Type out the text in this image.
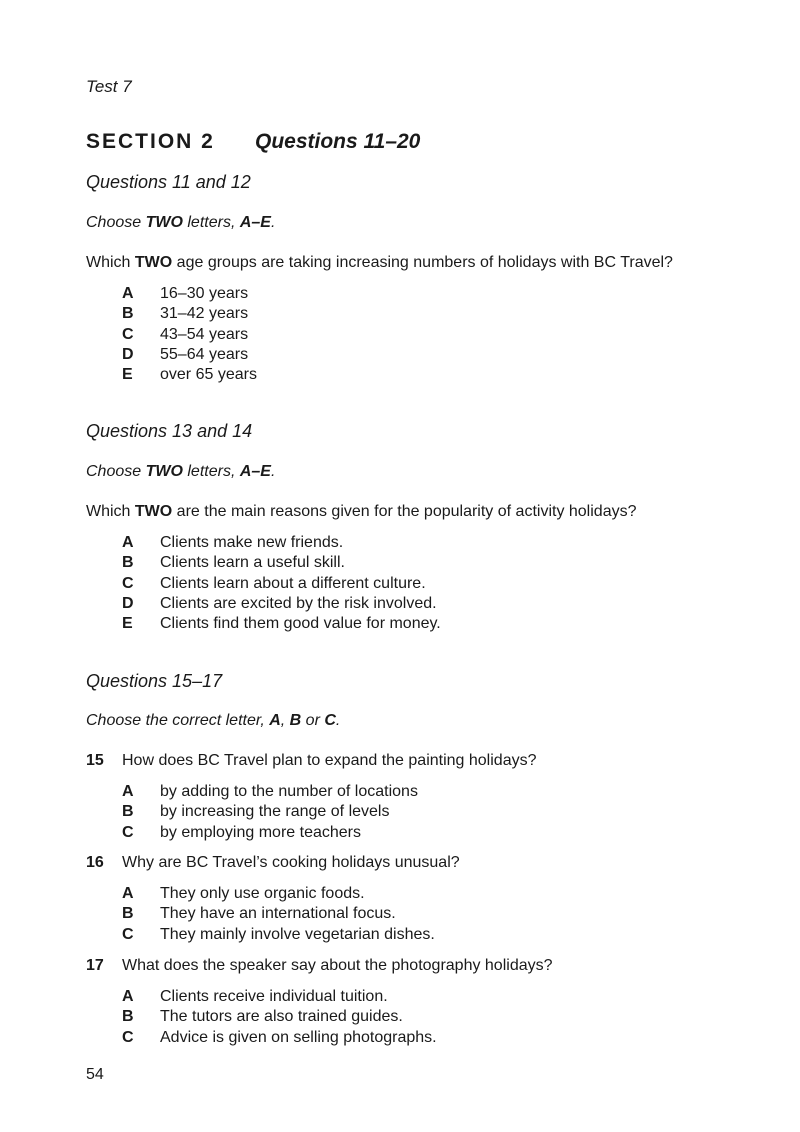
Test 7
SECTION 2 Questions 11–20
Questions 11 and 12
Choose TWO letters, A–E.
Which TWO age groups are taking increasing numbers of holidays with BC Travel?
A 16–30 years
B 31–42 years
C 43–54 years
D 55–64 years
E over 65 years
Questions 13 and 14
Choose TWO letters, A–E.
Which TWO are the main reasons given for the popularity of activity holidays?
A Clients make new friends.
B Clients learn a useful skill.
C Clients learn about a different culture.
D Clients are excited by the risk involved.
E Clients find them good value for money.
Questions 15–17
Choose the correct letter, A, B or C.
15 How does BC Travel plan to expand the painting holidays?
A by adding to the number of locations
B by increasing the range of levels
C by employing more teachers
16 Why are BC Travel’s cooking holidays unusual?
A They only use organic foods.
B They have an international focus.
C They mainly involve vegetarian dishes.
17 What does the speaker say about the photography holidays?
A Clients receive individual tuition.
B The tutors are also trained guides.
C Advice is given on selling photographs.
54
